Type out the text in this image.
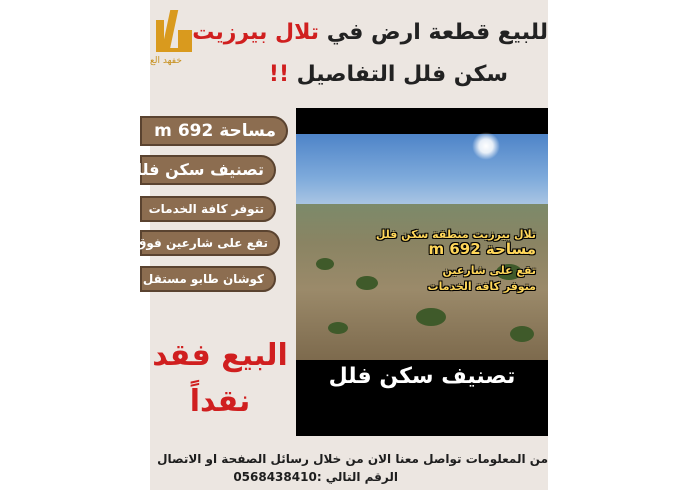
خفهد الع
للبيع قطعة ارض في تلال بيرزيت
سكن فلل التفاصيل !!
مساحة 692 m
تصنيف سكن فلل
تتوفر كافة الخدمات
تقع على شارعين فوق وجا
كوشان طابو مستقل
تلال بيرزيت منطقة سكن فلل
مساحة 692 m
تقع على شارعين
متوفر كافة الخدمات
تصنيف سكن فلل
البيع فقد
نقداً
من المعلومات تواصل معنا الان من خلال رسائل الصفحة او الاتصال
الرقم التالي :0568438410
